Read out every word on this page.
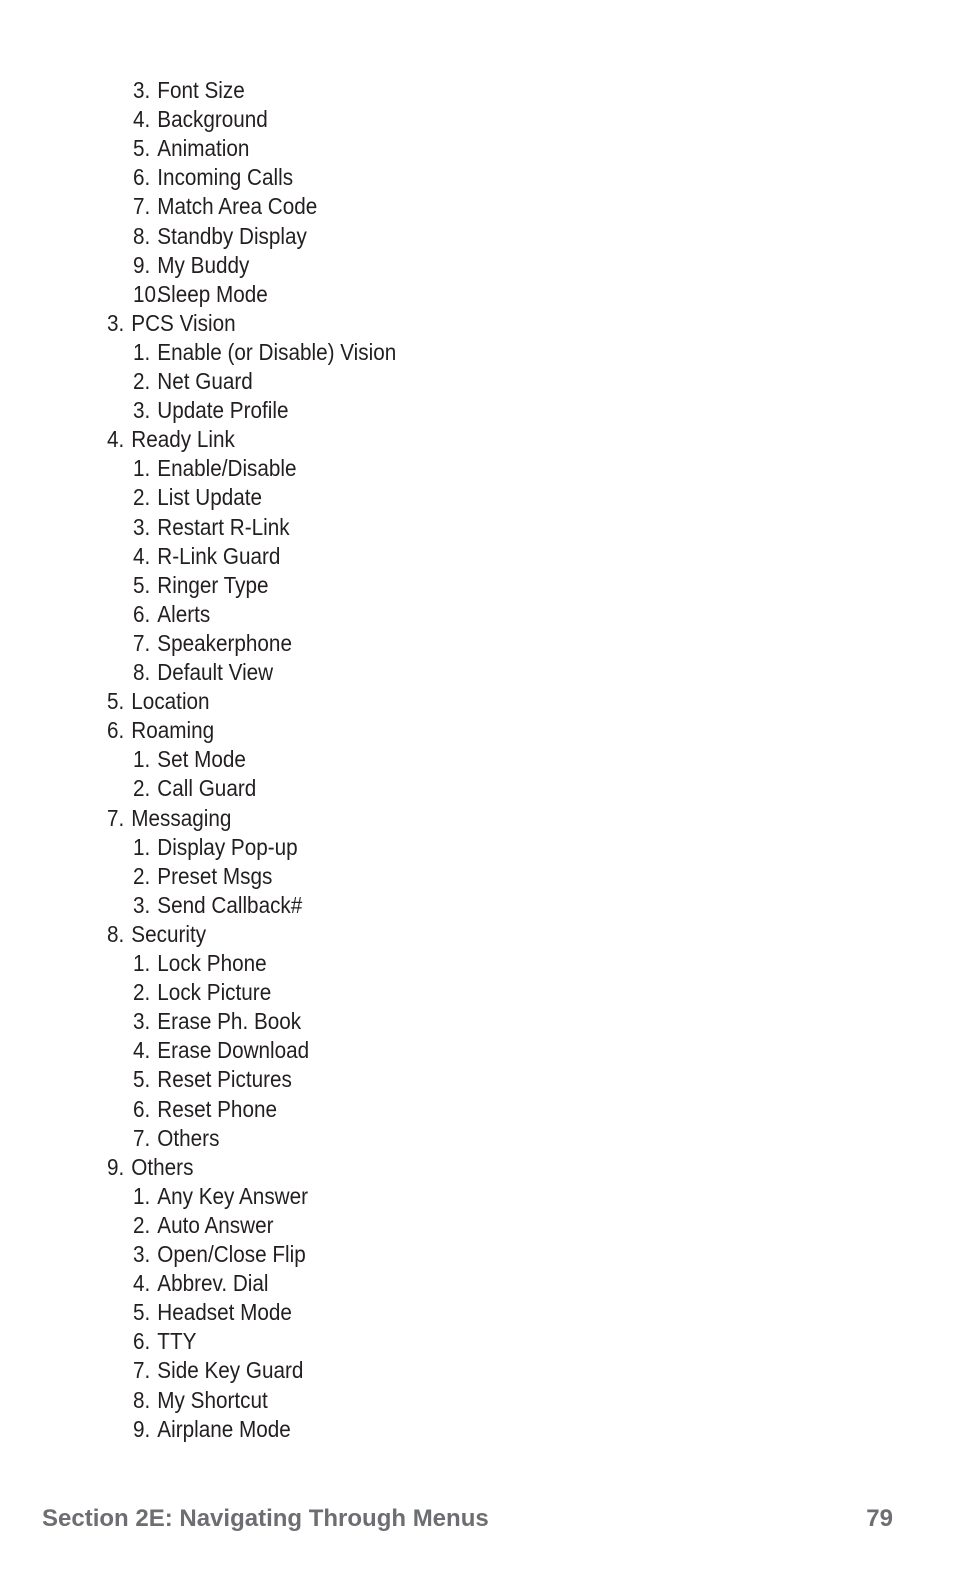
3. Font Size
4. Background
5. Animation
6. Incoming Calls
7. Match Area Code
8. Standby Display
9. My Buddy
10.Sleep Mode
3. PCS Vision
1. Enable (or Disable) Vision
2. Net Guard
3. Update Profile
4. Ready Link
1. Enable/Disable
2. List Update
3. Restart R-Link
4. R-Link Guard
5. Ringer Type
6. Alerts
7. Speakerphone
8. Default View
5. Location
6. Roaming
1. Set Mode
2. Call Guard
7. Messaging
1. Display Pop-up
2. Preset Msgs
3. Send Callback#
8. Security
1. Lock Phone
2. Lock Picture
3. Erase Ph. Book
4. Erase Download
5. Reset Pictures
6. Reset Phone
7. Others
9. Others
1. Any Key Answer
2. Auto Answer
3. Open/Close Flip
4. Abbrev. Dial
5. Headset Mode
6. TTY
7. Side Key Guard
8. My Shortcut
9. Airplane Mode
Section 2E: Navigating Through Menus	79
